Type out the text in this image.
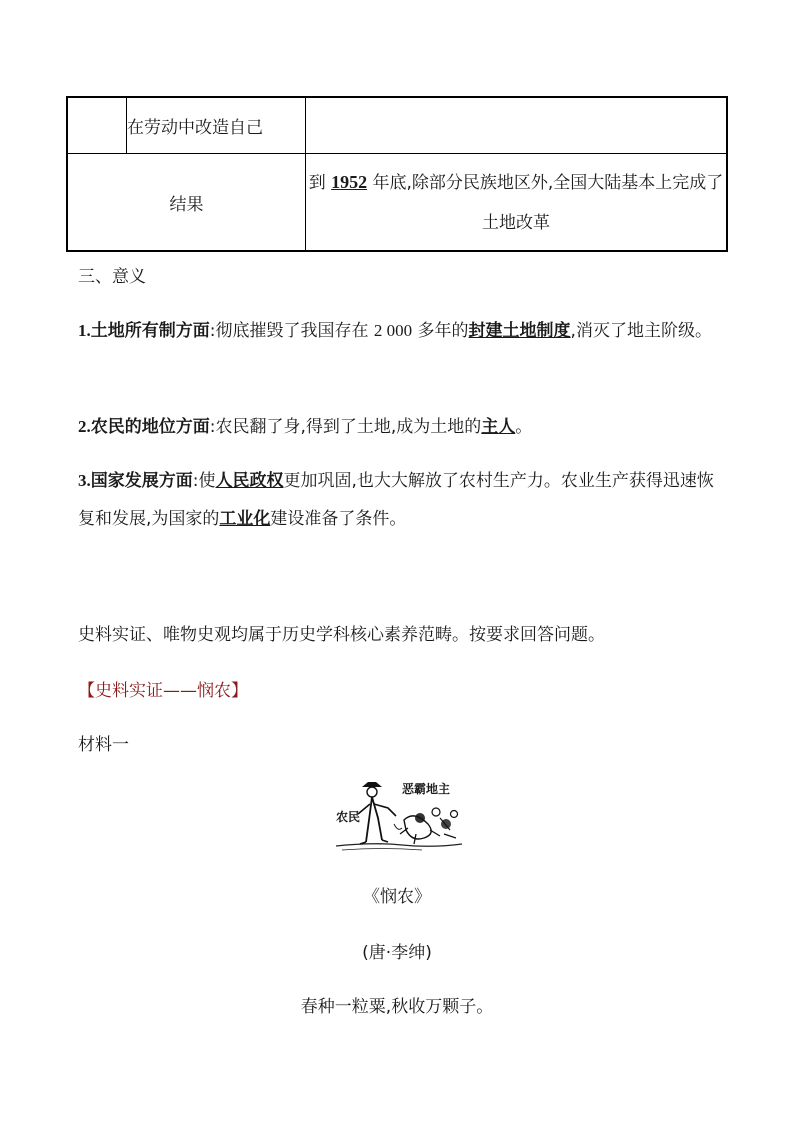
	在劳动中改造自己	
结果		到 1952 年底,除部分民族地区外,全国大陆基本上完成了土地改革
三、意义
1.土地所有制方面:彻底摧毁了我国存在 2 000 多年的封建土地制度,消灭了地主阶级。
2.农民的地位方面:农民翻了身,得到了土地,成为土地的主人。
3.国家发展方面:使人民政权更加巩固,也大大解放了农村生产力。农业生产获得迅速恢复和发展,为国家的工业化建设准备了条件。
史料实证、唯物史观均属于历史学科核心素养范畴。按要求回答问题。
【史料实证——悯农】
材料一
恶霸地主
农民
《悯农》
(唐·李绅)
春种一粒粟,秋收万颗子。
